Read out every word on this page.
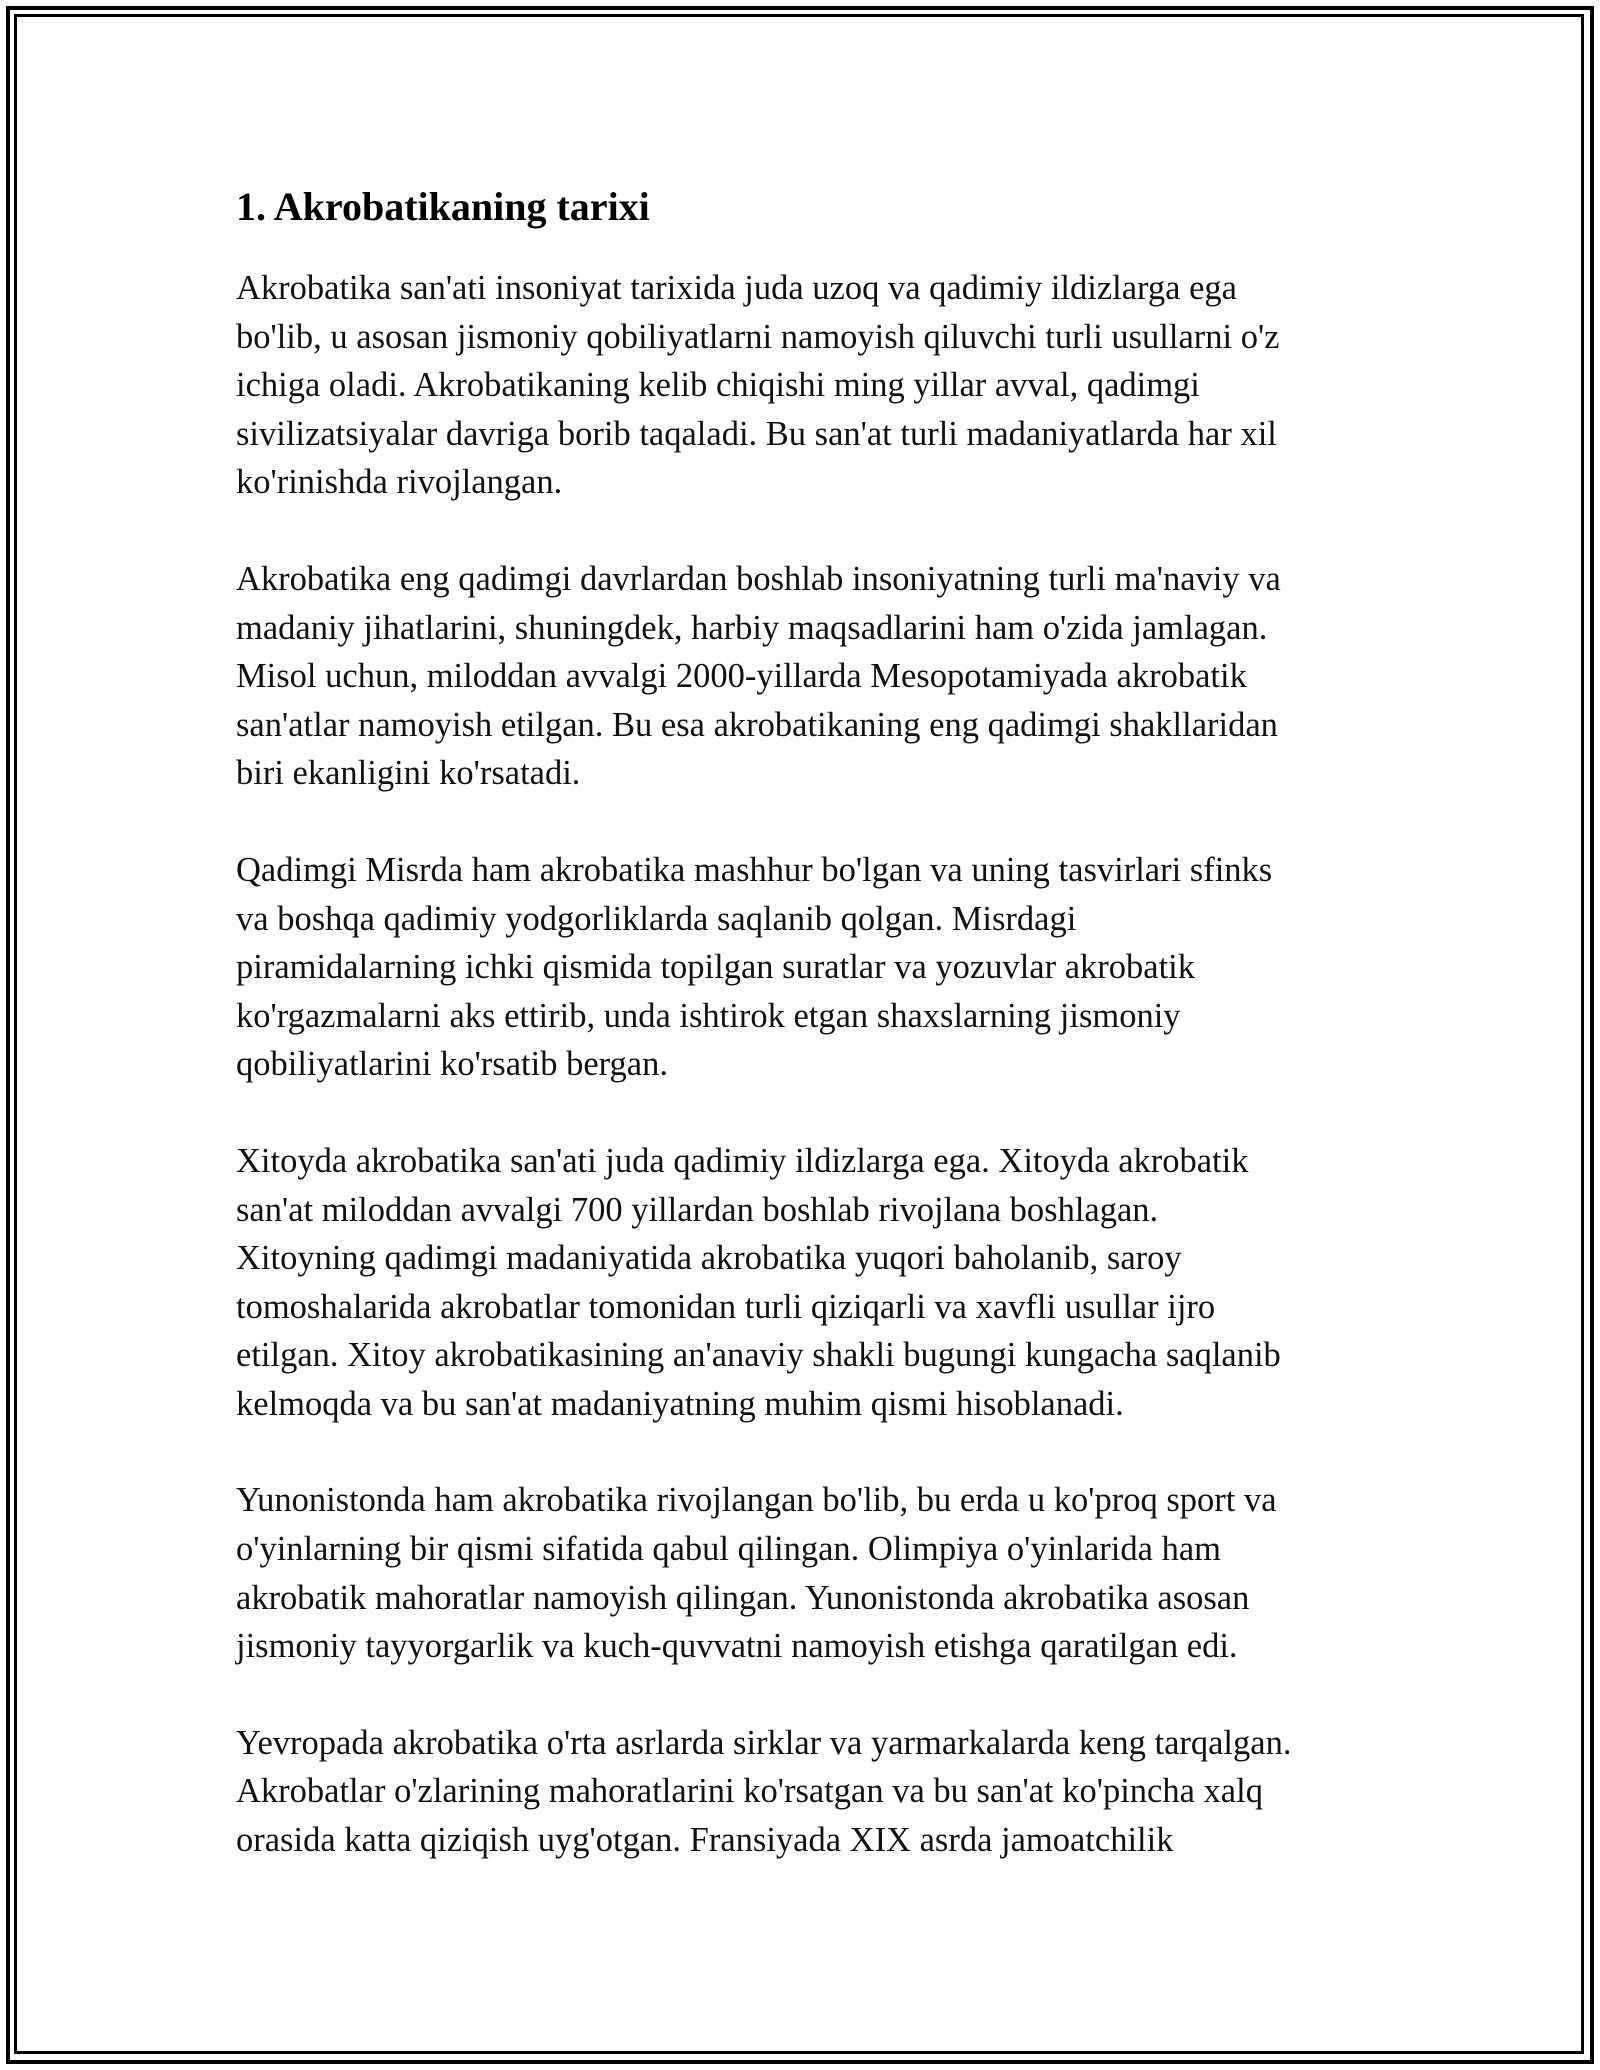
1. Akrobatikaning tarixi

Akrobatika san'ati insoniyat tarixida juda uzoq va qadimiy ildizlarga ega
bo'lib, u asosan jismoniy qobiliyatlarni namoyish qiluvchi turli usullarni o'z
ichiga oladi. Akrobatikaning kelib chiqishi ming yillar avval, qadimgi
sivilizatsiyalar davriga borib taqaladi. Bu san'at turli madaniyatlarda har xil
ko'rinishda rivojlangan.

Akrobatika eng qadimgi davrlardan boshlab insoniyatning turli ma'naviy va
madaniy jihatlarini, shuningdek, harbiy maqsadlarini ham o'zida jamlagan.
Misol uchun, miloddan avvalgi 2000-yillarda Mesopotamiyada akrobatik
san'atlar namoyish etilgan. Bu esa akrobatikaning eng qadimgi shakllaridan
biri ekanligini ko'rsatadi.

Qadimgi Misrda ham akrobatika mashhur bo'lgan va uning tasvirlari sfinks
va boshqa qadimiy yodgorliklarda saqlanib qolgan. Misrdagi
piramidalarning ichki qismida topilgan suratlar va yozuvlar akrobatik
ko'rgazmalarni aks ettirib, unda ishtirok etgan shaxslarning jismoniy
qobiliyatlarini ko'rsatib bergan.

Xitoyda akrobatika san'ati juda qadimiy ildizlarga ega. Xitoyda akrobatik
san'at miloddan avvalgi 700 yillardan boshlab rivojlana boshlagan.
Xitoyning qadimgi madaniyatida akrobatika yuqori baholanib, saroy
tomoshalarida akrobatlar tomonidan turli qiziqarli va xavfli usullar ijro
etilgan. Xitoy akrobatikasining an'anaviy shakli bugungi kungacha saqlanib
kelmoqda va bu san'at madaniyatning muhim qismi hisoblanadi.

Yunonistonda ham akrobatika rivojlangan bo'lib, bu erda u ko'proq sport va
o'yinlarning bir qismi sifatida qabul qilingan. Olimpiya o'yinlarida ham
akrobatik mahoratlar namoyish qilingan. Yunonistonda akrobatika asosan
jismoniy tayyorgarlik va kuch-quvvatni namoyish etishga qaratilgan edi.

Yevropada akrobatika o'rta asrlarda sirklar va yarmarkalarda keng tarqalgan.
Akrobatlar o'zlarining mahoratlarini ko'rsatgan va bu san'at ko'pincha xalq
orasida katta qiziqish uyg'otgan. Fransiyada XIX asrda jamoatchilik
